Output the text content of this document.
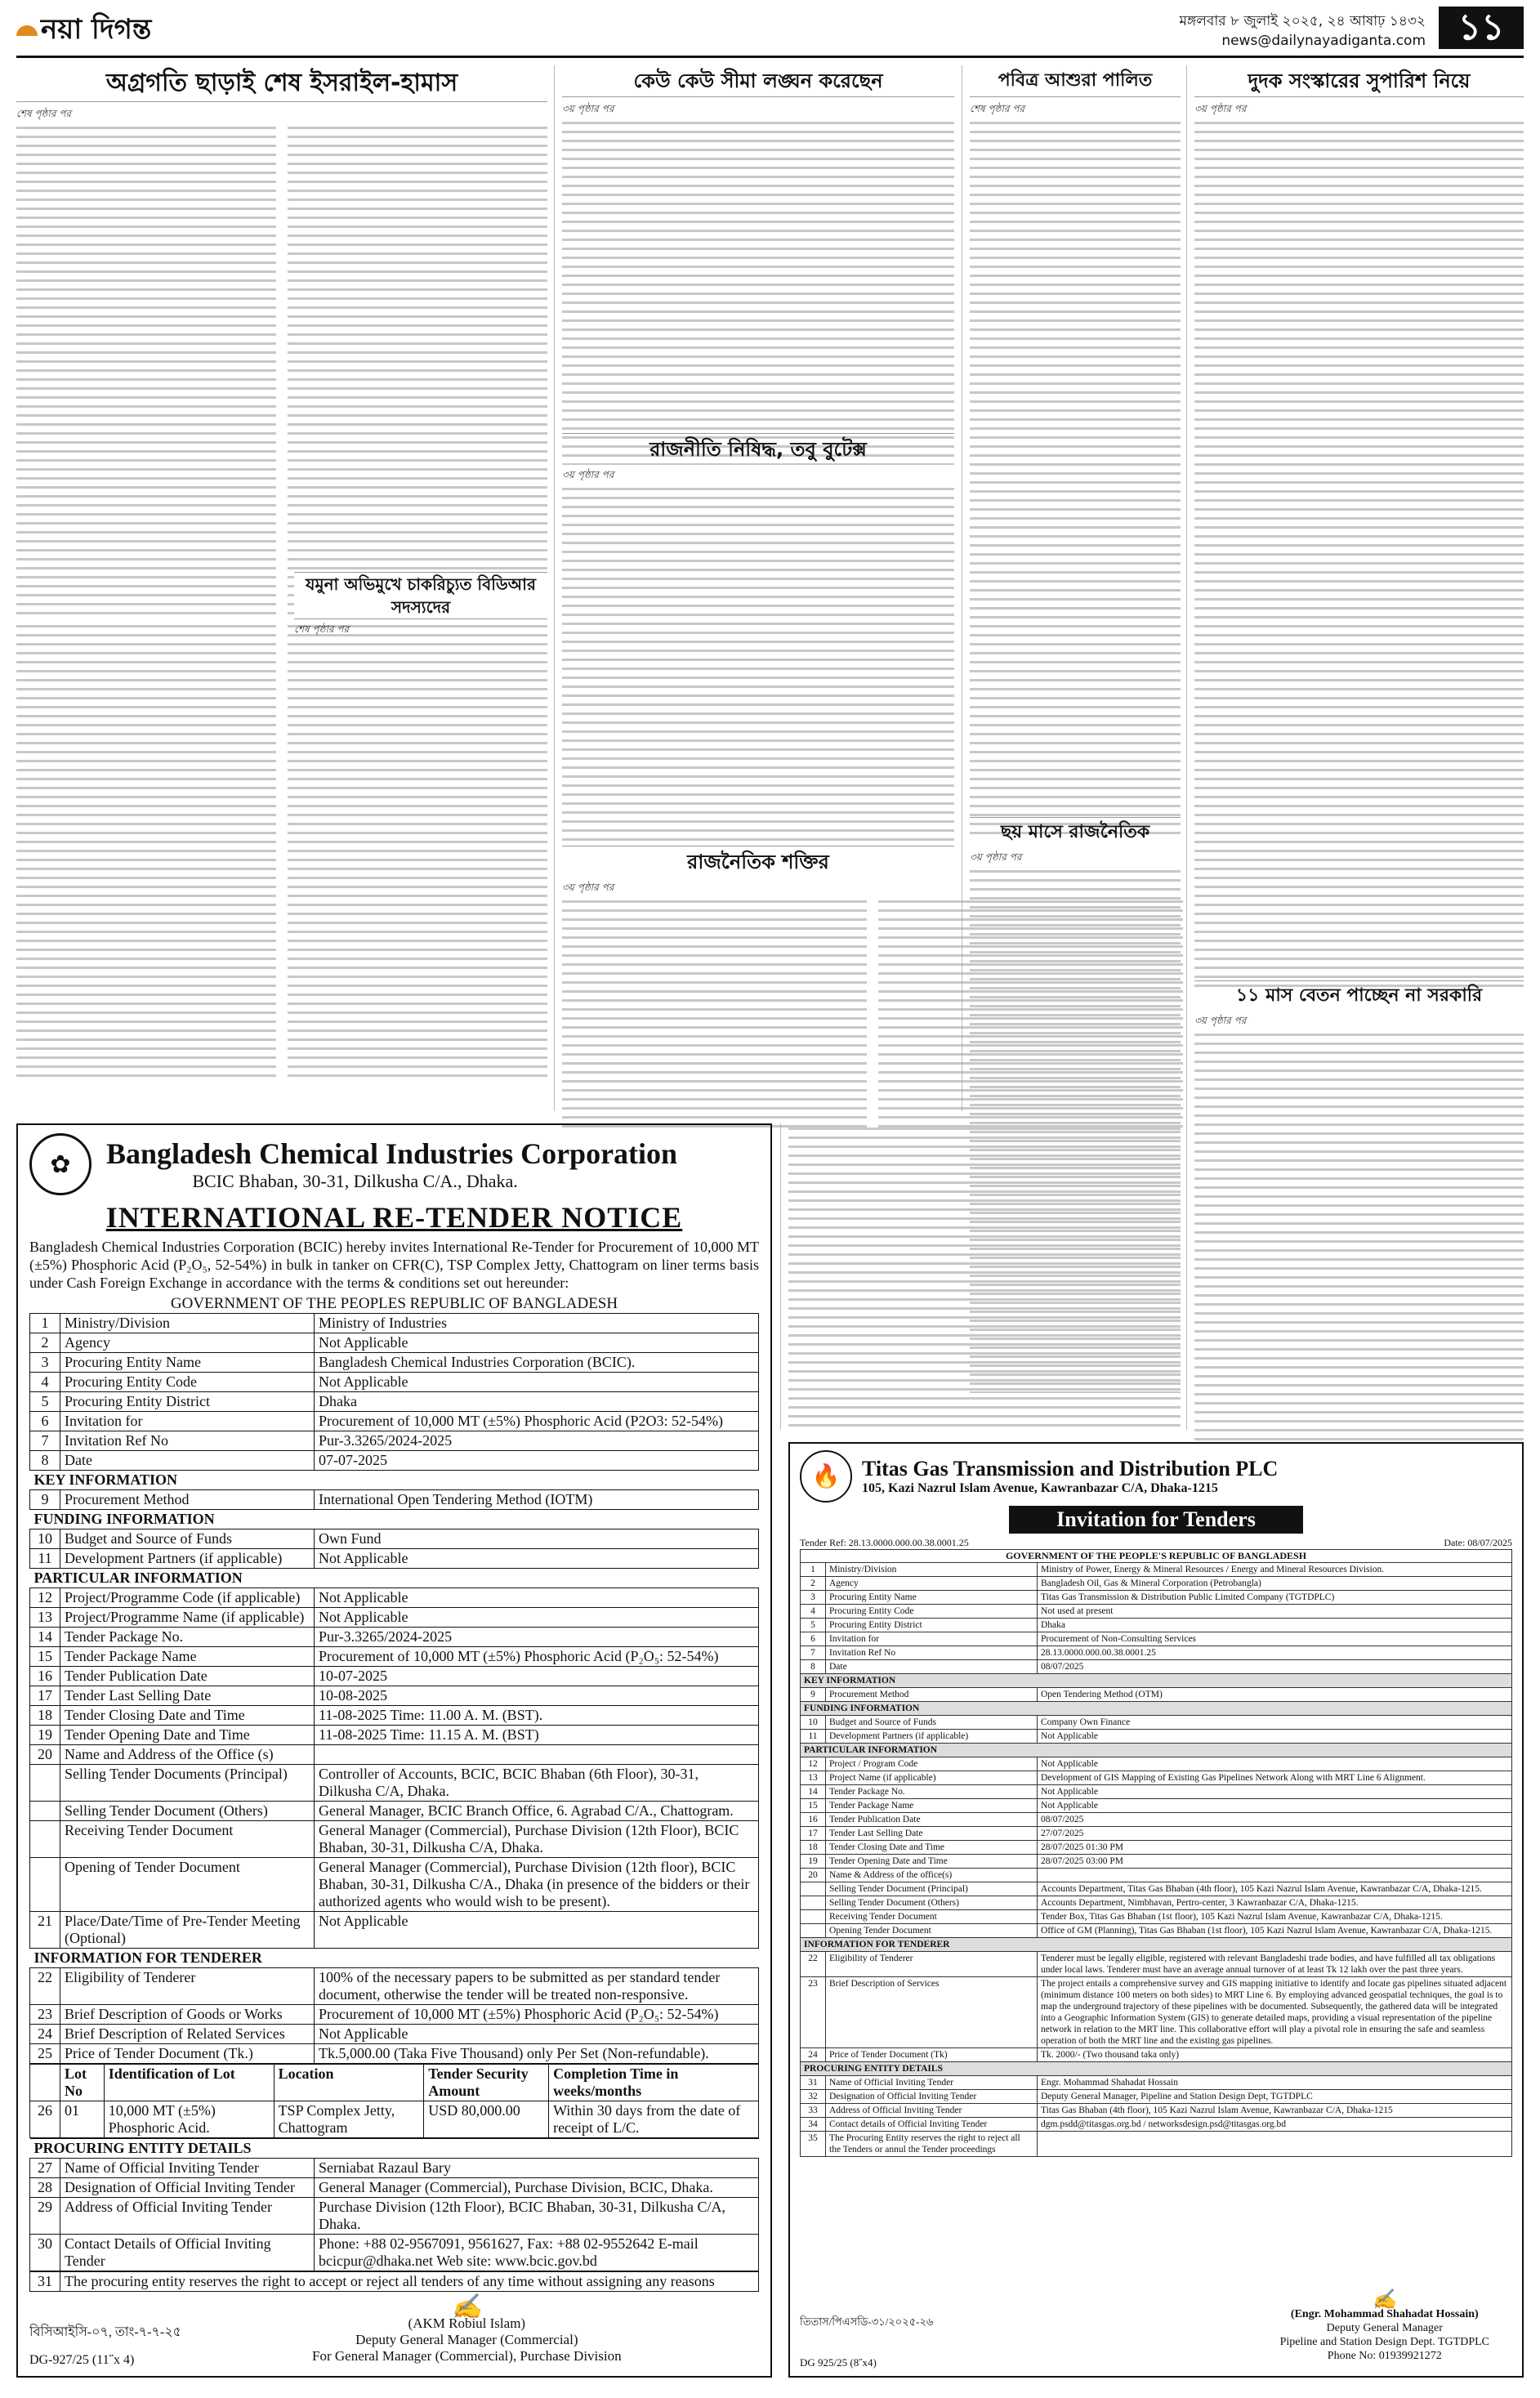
নয়া দিগন্ত	মঙ্গলবার ৮ জুলাই ২০২৫, ২৪ আষাঢ় ১৪৩২
news@dailynayadiganta.com ১১
অগ্রগতি ছাড়াই শেষ ইসরাইল-হামাস
শেষ পৃষ্ঠার পর
যমুনা অভিমুখে চাকরিচ্যুত বিডিআর সদস্যদের
শেষ পৃষ্ঠার পর
কেউ কেউ সীমা লঙ্ঘন করেছেন
৩য় পৃষ্ঠার পর
রাজনীতি নিষিদ্ধ, তবু বুটেক্স
৩য় পৃষ্ঠার পর
রাজনৈতিক শক্তির
৩য় পৃষ্ঠার পর
পবিত্র আশুরা পালিত
শেষ পৃষ্ঠার পর
ছয় মাসে রাজনৈতিক
৩য় পৃষ্ঠার পর
দুদক সংস্কারের সুপারিশ নিয়ে
৩য় পৃষ্ঠার পর
১১ মাস বেতন পাচ্ছেন না সরকারি
৩য় পৃষ্ঠার পর
✿	Bangladesh Chemical Industries Corporation
BCIC Bhaban, 30-31, Dilkusha C/A., Dhaka.
INTERNATIONAL RE-TENDER NOTICE
Bangladesh Chemical Industries Corporation (BCIC) hereby invites International Re-Tender for Procurement of 10,000 MT (±5%) Phosphoric Acid (P₂O₅, 52-54%) in bulk in tanker on CFR(C), TSP Complex Jetty, Chattogram on liner terms basis under Cash Foreign Exchange in accordance with the terms & conditions set out hereunder:
GOVERNMENT OF THE PEOPLES REPUBLIC OF BANGLADESH
1	Ministry/Division	Ministry of Industries
2	Agency	Not Applicable
3	Procuring Entity Name	Bangladesh Chemical Industries Corporation (BCIC).
4	Procuring Entity Code	Not Applicable
5	Procuring Entity District	Dhaka
6	Invitation for	Procurement of 10,000 MT (±5%) Phosphoric Acid (P2O3: 52-54%)
7	Invitation Ref No	Pur-3.3265/2024-2025
8	Date	07-07-2025
KEY INFORMATION		
9	Procurement Method	International Open Tendering Method (IOTM)
FUNDING INFORMATION		
10	Budget and Source of Funds	Own Fund
11	Development Partners (if applicable)	Not Applicable
PARTICULAR INFORMATION		
12	Project/Programme Code (if applicable)	Not Applicable
13	Project/Programme Name (if applicable)	Not Applicable
14	Tender Package No.	Pur-3.3265/2024-2025
15	Tender Package Name	Procurement of 10,000 MT (±5%) Phosphoric Acid (P₂O₅: 52-54%)
16	Tender Publication Date	10-07-2025
17	Tender Last Selling Date	10-08-2025
18	Tender Closing Date and Time	11-08-2025 Time: 11.00 A. M. (BST).
19	Tender Opening Date and Time	11-08-2025 Time: 11.15 A. M. (BST)
20	Name and Address of the Office (s)	
	Selling Tender Documents (Principal)	Controller of Accounts, BCIC, BCIC Bhaban (6th Floor), 30-31, Dilkusha C/A, Dhaka.
	Selling Tender Document (Others)	General Manager, BCIC Branch Office, 6. Agrabad C/A., Chattogram.
	Receiving Tender Document	General Manager (Commercial), Purchase Division (12th Floor), BCIC Bhaban, 30-31, Dilkusha C/A, Dhaka.
	Opening of Tender Document	General Manager (Commercial), Purchase Division (12th floor), BCIC Bhaban, 30-31, Dilkusha C/A., Dhaka (in presence of the bidders or their authorized agents who would wish to be present).
21	Place/Date/Time of Pre-Tender Meeting (Optional)	Not Applicable
INFORMATION FOR TENDERER		
22	Eligibility of Tenderer	100% of the necessary papers to be submitted as per standard tender document, otherwise the tender will be treated non-responsive.
23	Brief Description of Goods or Works	Procurement of 10,000 MT (±5%) Phosphoric Acid (P₂O₅: 52-54%)
24	Brief Description of Related Services	Not Applicable
25	Price of Tender Document (Tk.)	Tk.5,000.00 (Taka Five Thousand) only Per Set (Non-refundable).
	Lot No	Identification of Lot	Location	Tender Security Amount	Completion Time in weeks/months
26	01	10,000 MT (±5%) Phosphoric Acid.	TSP Complex Jetty, Chattogram	USD 80,000.00	Within 30 days from the date of receipt of L/C.
PROCURING ENTITY DETAILS		
27	Name of Official Inviting Tender	Serniabat Razaul Bary
28	Designation of Official Inviting Tender	General Manager (Commercial), Purchase Division, BCIC, Dhaka.
29	Address of Official Inviting Tender	Purchase Division (12th Floor), BCIC Bhaban, 30-31, Dilkusha C/A, Dhaka.
30	Contact Details of Official Inviting Tender	Phone: +88 02-9567091, 9561627, Fax: +88 02-9552642 E-mail bcicpur@dhaka.net Web site: www.bcic.gov.bd
31	The procuring entity reserves the right to accept or reject all tenders of any time without assigning any reasons
✍
(AKM Robiul Islam)
Deputy General Manager (Commercial)
For General Manager (Commercial), Purchase Division
বিসিআইসি-০৭, তাং-৭-৭-২৫
DG-927/25 (11˝x 4)
🔥	Titas Gas Transmission and Distribution PLC
105, Kazi Nazrul Islam Avenue, Kawranbazar C/A, Dhaka-1215
Invitation for Tenders
Tender Ref: 28.13.0000.000.00.38.0001.25	Date: 08/07/2025
GOVERNMENT OF THE PEOPLE'S REPUBLIC OF BANGLADESH
1	Ministry/Division	Ministry of Power, Energy & Mineral Resources / Energy and Mineral Resources Division.
2	Agency	Bangladesh Oil, Gas & Mineral Corporation (Petrobangla)
3	Procuring Entity Name	Titas Gas Transmission & Distribution Public Limited Company (TGTDPLC)
4	Procuring Entity Code	Not used at present
5	Procuring Entity District	Dhaka
6	Invitation for	Procurement of Non-Consulting Services
7	Invitation Ref No	28.13.0000.000.00.38.0001.25
8	Date	08/07/2025
KEY INFORMATION		
9	Procurement Method	Open Tendering Method (OTM)
FUNDING INFORMATION		
10	Budget and Source of Funds	Company Own Finance
11	Development Partners (if applicable)	Not Applicable
PARTICULAR INFORMATION		
12	Project / Program Code	Not Applicable
13	Project Name (if applicable)	Development of GIS Mapping of Existing Gas Pipelines Network Along with MRT Line 6 Alignment.
14	Tender Package No.	Not Applicable
15	Tender Package Name	Not Applicable
16	Tender Publication Date	08/07/2025
17	Tender Last Selling Date	27/07/2025
18	Tender Closing Date and Time	28/07/2025 01:30 PM
19	Tender Opening Date and Time	28/07/2025 03:00 PM
20	Name & Address of the office(s)	
	Selling Tender Document (Principal)	Accounts Department, Titas Gas Bhaban (4th floor), 105 Kazi Nazrul Islam Avenue, Kawranbazar C/A, Dhaka-1215.
	Selling Tender Document (Others)	Accounts Department, Nimbhavan, Pertro-center, 3 Kawranbazar C/A, Dhaka-1215.
	Receiving Tender Document	Tender Box, Titas Gas Bhaban (1st floor), 105 Kazi Nazrul Islam Avenue, Kawranbazar C/A, Dhaka-1215.
	Opening Tender Document	Office of GM (Planning), Titas Gas Bhaban (1st floor), 105 Kazi Nazrul Islam Avenue, Kawranbazar C/A, Dhaka-1215.
INFORMATION FOR TENDERER		
22	Eligibility of Tenderer	Tenderer must be legally eligible, registered with relevant Bangladeshi trade bodies, and have fulfilled all tax obligations under local laws. Tenderer must have an average annual turnover of at least Tk 12 lakh over the past three years.
23	Brief Description of Services	The project entails a comprehensive survey and GIS mapping initiative to identify and locate gas pipelines situated adjacent (minimum distance 100 meters on both sides) to MRT Line 6. By employing advanced geospatial techniques, the goal is to map the underground trajectory of these pipelines with be documented. Subsequently, the gathered data will be integrated into a Geographic Information System (GIS) to generate detailed maps, providing a visual representation of the pipeline network in relation to the MRT line. This collaborative effort will play a pivotal role in ensuring the safe and seamless operation of both the MRT line and the existing gas pipelines.
24	Price of Tender Document (Tk)	Tk. 2000/- (Two thousand taka only)
PROCURING ENTITY DETAILS		
31	Name of Official Inviting Tender	Engr. Mohammad Shahadat Hossain
32	Designation of Official Inviting Tender	Deputy General Manager, Pipeline and Station Design Dept, TGTDPLC
33	Address of Official Inviting Tender	Titas Gas Bhaban (4th floor), 105 Kazi Nazrul Islam Avenue, Kawranbazar C/A, Dhaka-1215
34	Contact details of Official Inviting Tender	dgm.psdd@titasgas.org.bd / networksdesign.psd@titasgas.org.bd
35	The Procuring Entity reserves the right to reject all the Tenders or annul the Tender proceedings	
✍
(Engr. Mohammad Shahadat Hossain)
Deputy General Manager
Pipeline and Station Design Dept. TGTDPLC
Phone No: 01939921272
তিতাস/পিএসডি-৩১/২০২৫-২৬
DG 925/25 (8˝x4)
